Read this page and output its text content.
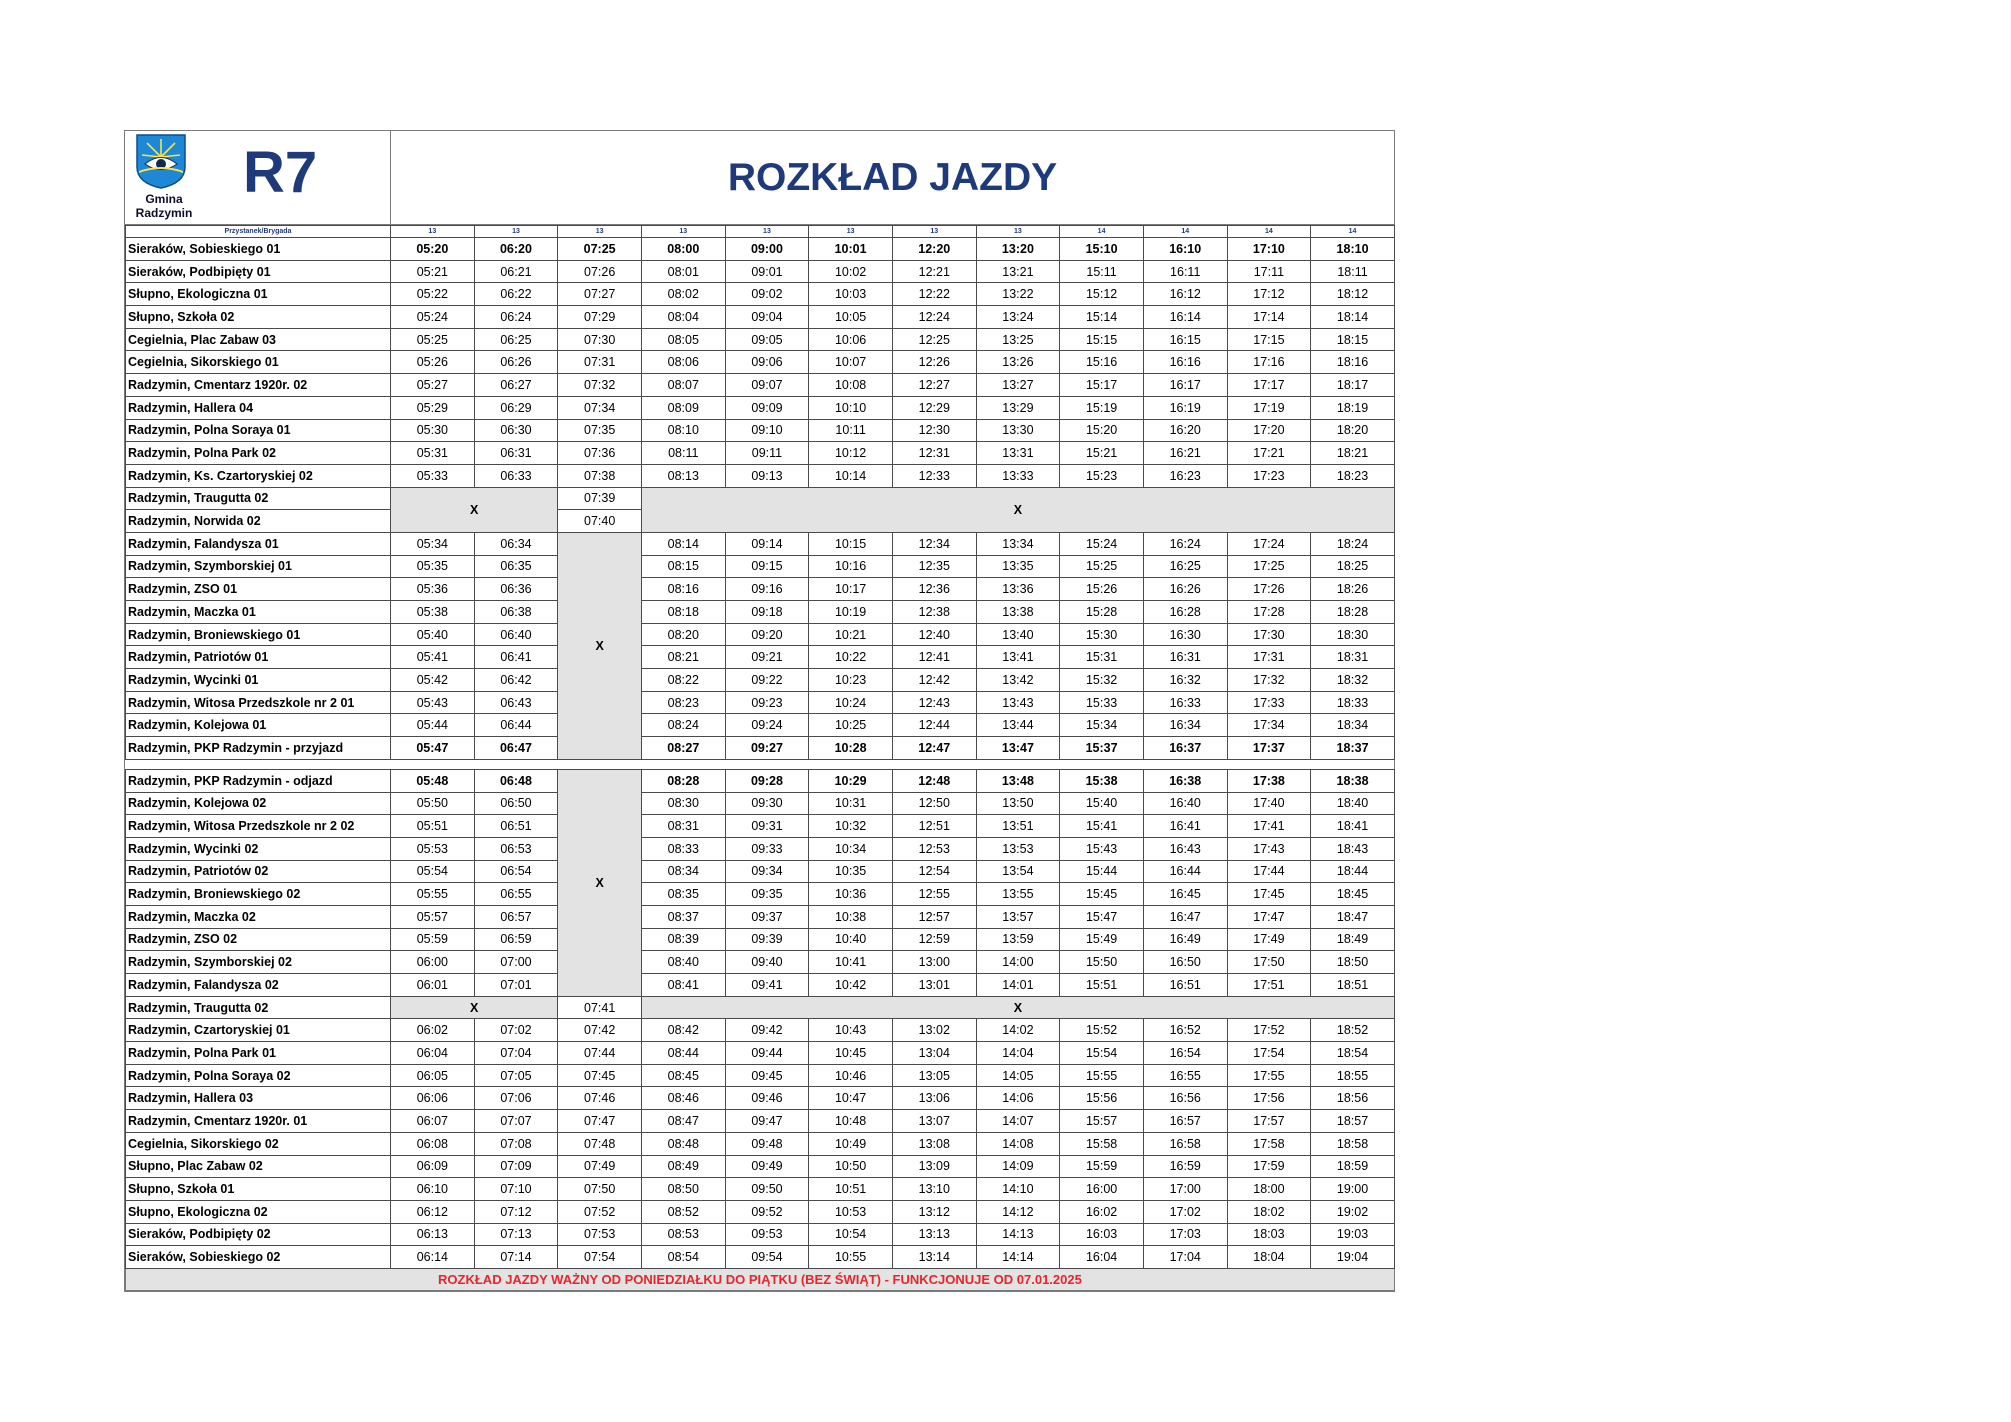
Gmina Radzymin
R7	ROZKŁAD JAZDY
Przystanek/Brygada	13	13	13	13	13	13	13	13	14	14	14	14
Sieraków, Sobieskiego 01	05:20	06:20	07:25	08:00	09:00	10:01	12:20	13:20	15:10	16:10	17:10	18:10
Sieraków, Podbipięty 01	05:21	06:21	07:26	08:01	09:01	10:02	12:21	13:21	15:11	16:11	17:11	18:11
Słupno, Ekologiczna 01	05:22	06:22	07:27	08:02	09:02	10:03	12:22	13:22	15:12	16:12	17:12	18:12
Słupno, Szkoła 02	05:24	06:24	07:29	08:04	09:04	10:05	12:24	13:24	15:14	16:14	17:14	18:14
Cegielnia, Plac Zabaw 03	05:25	06:25	07:30	08:05	09:05	10:06	12:25	13:25	15:15	16:15	17:15	18:15
Cegielnia, Sikorskiego 01	05:26	06:26	07:31	08:06	09:06	10:07	12:26	13:26	15:16	16:16	17:16	18:16
Radzymin, Cmentarz 1920r. 02	05:27	06:27	07:32	08:07	09:07	10:08	12:27	13:27	15:17	16:17	17:17	18:17
Radzymin, Hallera 04	05:29	06:29	07:34	08:09	09:09	10:10	12:29	13:29	15:19	16:19	17:19	18:19
Radzymin, Polna Soraya 01	05:30	06:30	07:35	08:10	09:10	10:11	12:30	13:30	15:20	16:20	17:20	18:20
Radzymin, Polna Park 02	05:31	06:31	07:36	08:11	09:11	10:12	12:31	13:31	15:21	16:21	17:21	18:21
Radzymin, Ks. Czartoryskiej 02	05:33	06:33	07:38	08:13	09:13	10:14	12:33	13:33	15:23	16:23	17:23	18:23
Radzymin, Traugutta 02	X		07:39	X								
Radzymin, Norwida 02			07:40									
Radzymin, Falandysza 01	05:34	06:34	X	08:14	09:14	10:15	12:34	13:34	15:24	16:24	17:24	18:24
Radzymin, Szymborskiej 01	05:35	06:35		08:15	09:15	10:16	12:35	13:35	15:25	16:25	17:25	18:25
Radzymin, ZSO 01	05:36	06:36		08:16	09:16	10:17	12:36	13:36	15:26	16:26	17:26	18:26
Radzymin, Maczka 01	05:38	06:38		08:18	09:18	10:19	12:38	13:38	15:28	16:28	17:28	18:28
Radzymin, Broniewskiego 01	05:40	06:40		08:20	09:20	10:21	12:40	13:40	15:30	16:30	17:30	18:30
Radzymin, Patriotów 01	05:41	06:41		08:21	09:21	10:22	12:41	13:41	15:31	16:31	17:31	18:31
Radzymin, Wycinki 01	05:42	06:42		08:22	09:22	10:23	12:42	13:42	15:32	16:32	17:32	18:32
Radzymin, Witosa Przedszkole nr 2 01	05:43	06:43		08:23	09:23	10:24	12:43	13:43	15:33	16:33	17:33	18:33
Radzymin, Kolejowa 01	05:44	06:44		08:24	09:24	10:25	12:44	13:44	15:34	16:34	17:34	18:34
Radzymin, PKP Radzymin - przyjazd	05:47	06:47		08:27	09:27	10:28	12:47	13:47	15:37	16:37	17:37	18:37

Radzymin, PKP Radzymin - odjazd	05:48	06:48	X	08:28	09:28	10:29	12:48	13:48	15:38	16:38	17:38	18:38
Radzymin, Kolejowa 02	05:50	06:50		08:30	09:30	10:31	12:50	13:50	15:40	16:40	17:40	18:40
Radzymin, Witosa Przedszkole nr 2 02	05:51	06:51		08:31	09:31	10:32	12:51	13:51	15:41	16:41	17:41	18:41
Radzymin, Wycinki 02	05:53	06:53		08:33	09:33	10:34	12:53	13:53	15:43	16:43	17:43	18:43
Radzymin, Patriotów 02	05:54	06:54		08:34	09:34	10:35	12:54	13:54	15:44	16:44	17:44	18:44
Radzymin, Broniewskiego 02	05:55	06:55		08:35	09:35	10:36	12:55	13:55	15:45	16:45	17:45	18:45
Radzymin, Maczka 02	05:57	06:57		08:37	09:37	10:38	12:57	13:57	15:47	16:47	17:47	18:47
Radzymin, ZSO 02	05:59	06:59		08:39	09:39	10:40	12:59	13:59	15:49	16:49	17:49	18:49
Radzymin, Szymborskiej 02	06:00	07:00		08:40	09:40	10:41	13:00	14:00	15:50	16:50	17:50	18:50
Radzymin, Falandysza 02	06:01	07:01		08:41	09:41	10:42	13:01	14:01	15:51	16:51	17:51	18:51
Radzymin, Traugutta 02	X		07:41	X								
Radzymin, Czartoryskiej 01	06:02	07:02	07:42	08:42	09:42	10:43	13:02	14:02	15:52	16:52	17:52	18:52
Radzymin, Polna Park 01	06:04	07:04	07:44	08:44	09:44	10:45	13:04	14:04	15:54	16:54	17:54	18:54
Radzymin, Polna Soraya 02	06:05	07:05	07:45	08:45	09:45	10:46	13:05	14:05	15:55	16:55	17:55	18:55
Radzymin, Hallera 03	06:06	07:06	07:46	08:46	09:46	10:47	13:06	14:06	15:56	16:56	17:56	18:56
Radzymin, Cmentarz 1920r. 01	06:07	07:07	07:47	08:47	09:47	10:48	13:07	14:07	15:57	16:57	17:57	18:57
Cegielnia, Sikorskiego 02	06:08	07:08	07:48	08:48	09:48	10:49	13:08	14:08	15:58	16:58	17:58	18:58
Słupno, Plac Zabaw 02	06:09	07:09	07:49	08:49	09:49	10:50	13:09	14:09	15:59	16:59	17:59	18:59
Słupno, Szkoła 01	06:10	07:10	07:50	08:50	09:50	10:51	13:10	14:10	16:00	17:00	18:00	19:00
Słupno, Ekologiczna 02	06:12	07:12	07:52	08:52	09:52	10:53	13:12	14:12	16:02	17:02	18:02	19:02
Sieraków, Podbipięty 02	06:13	07:13	07:53	08:53	09:53	10:54	13:13	14:13	16:03	17:03	18:03	19:03
Sieraków, Sobieskiego 02	06:14	07:14	07:54	08:54	09:54	10:55	13:14	14:14	16:04	17:04	18:04	19:04
ROZKŁAD JAZDY WAŻNY OD PONIEDZIAŁKU DO PIĄTKU (BEZ ŚWIĄT) - FUNKCJONUJE OD 07.01.2025												
